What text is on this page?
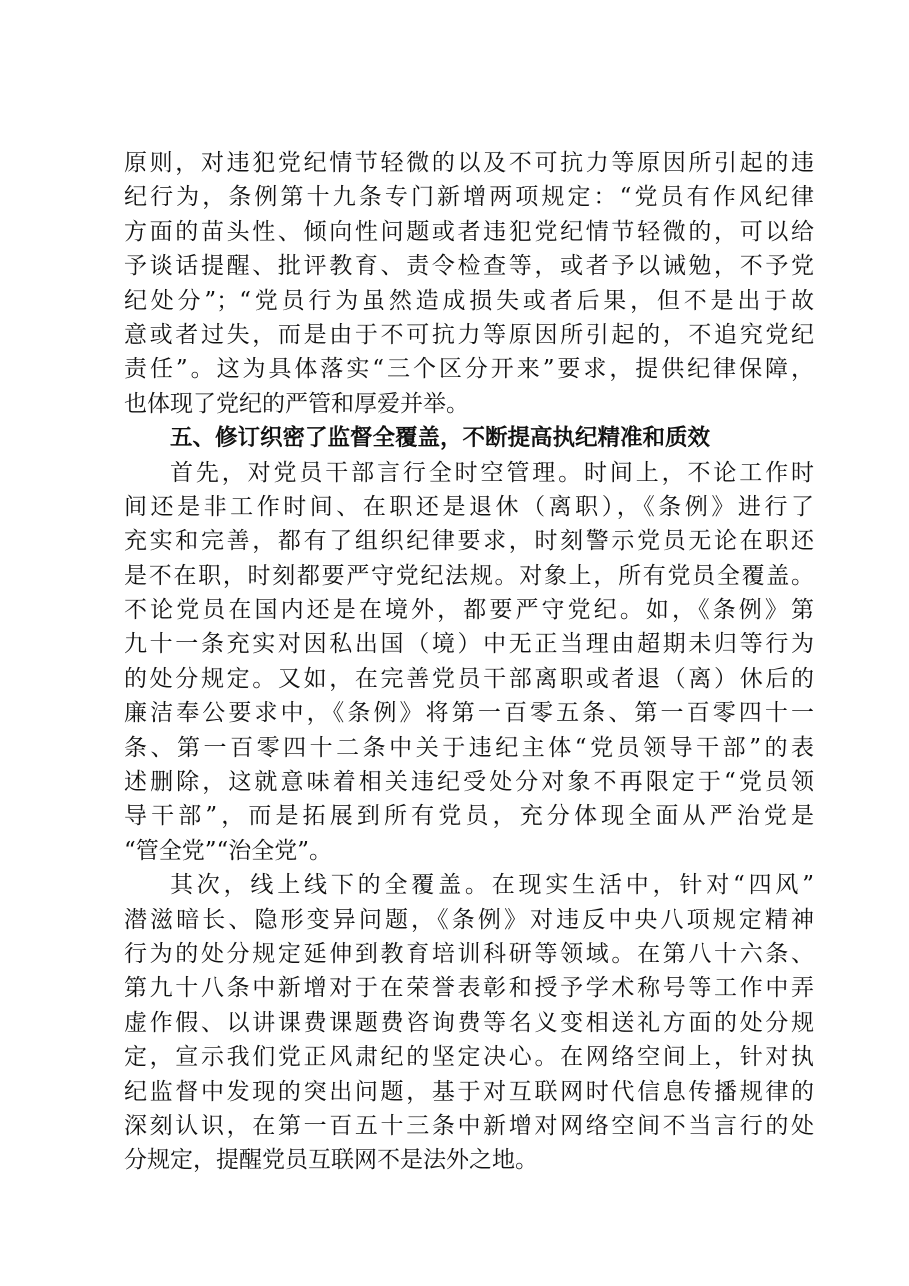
原则，对违犯党纪情节轻微的以及不可抗力等原因所引起的违
纪行为，条例第十九条专门新增两项规定：“党员有作风纪律
方面的苗头性、倾向性问题或者违犯党纪情节轻微的，可以给
予谈话提醒、批评教育、责令检查等，或者予以诫勉，不予党
纪处分”；“党员行为虽然造成损失或者后果，但不是出于故
意或者过失，而是由于不可抗力等原因所引起的，不追究党纪
责任”。这为具体落实“三个区分开来”要求，提供纪律保障，
也体现了党纪的严管和厚爱并举。
五、修订织密了监督全覆盖，不断提高执纪精准和质效
首先，对党员干部言行全时空管理。时间上，不论工作时
间还是非工作时间、在职还是退休（离职），《条例》进行了
充实和完善，都有了组织纪律要求，时刻警示党员无论在职还
是不在职，时刻都要严守党纪法规。对象上，所有党员全覆盖。
不论党员在国内还是在境外，都要严守党纪。如，《条例》第
九十一条充实对因私出国（境）中无正当理由超期未归等行为
的处分规定。又如，在完善党员干部离职或者退（离）休后的
廉洁奉公要求中，《条例》将第一百零五条、第一百零四十一
条、第一百零四十二条中关于违纪主体“党员领导干部”的表
述删除，这就意味着相关违纪受处分对象不再限定于“党员领
导干部”，而是拓展到所有党员，充分体现全面从严治党是
“管全党”“治全党”。
其次，线上线下的全覆盖。在现实生活中，针对“四风”
潜滋暗长、隐形变异问题，《条例》对违反中央八项规定精神
行为的处分规定延伸到教育培训科研等领域。在第八十六条、
第九十八条中新增对于在荣誉表彰和授予学术称号等工作中弄
虚作假、以讲课费课题费咨询费等名义变相送礼方面的处分规
定，宣示我们党正风肃纪的坚定决心。在网络空间上，针对执
纪监督中发现的突出问题，基于对互联网时代信息传播规律的
深刻认识，在第一百五十三条中新增对网络空间不当言行的处
分规定，提醒党员互联网不是法外之地。
